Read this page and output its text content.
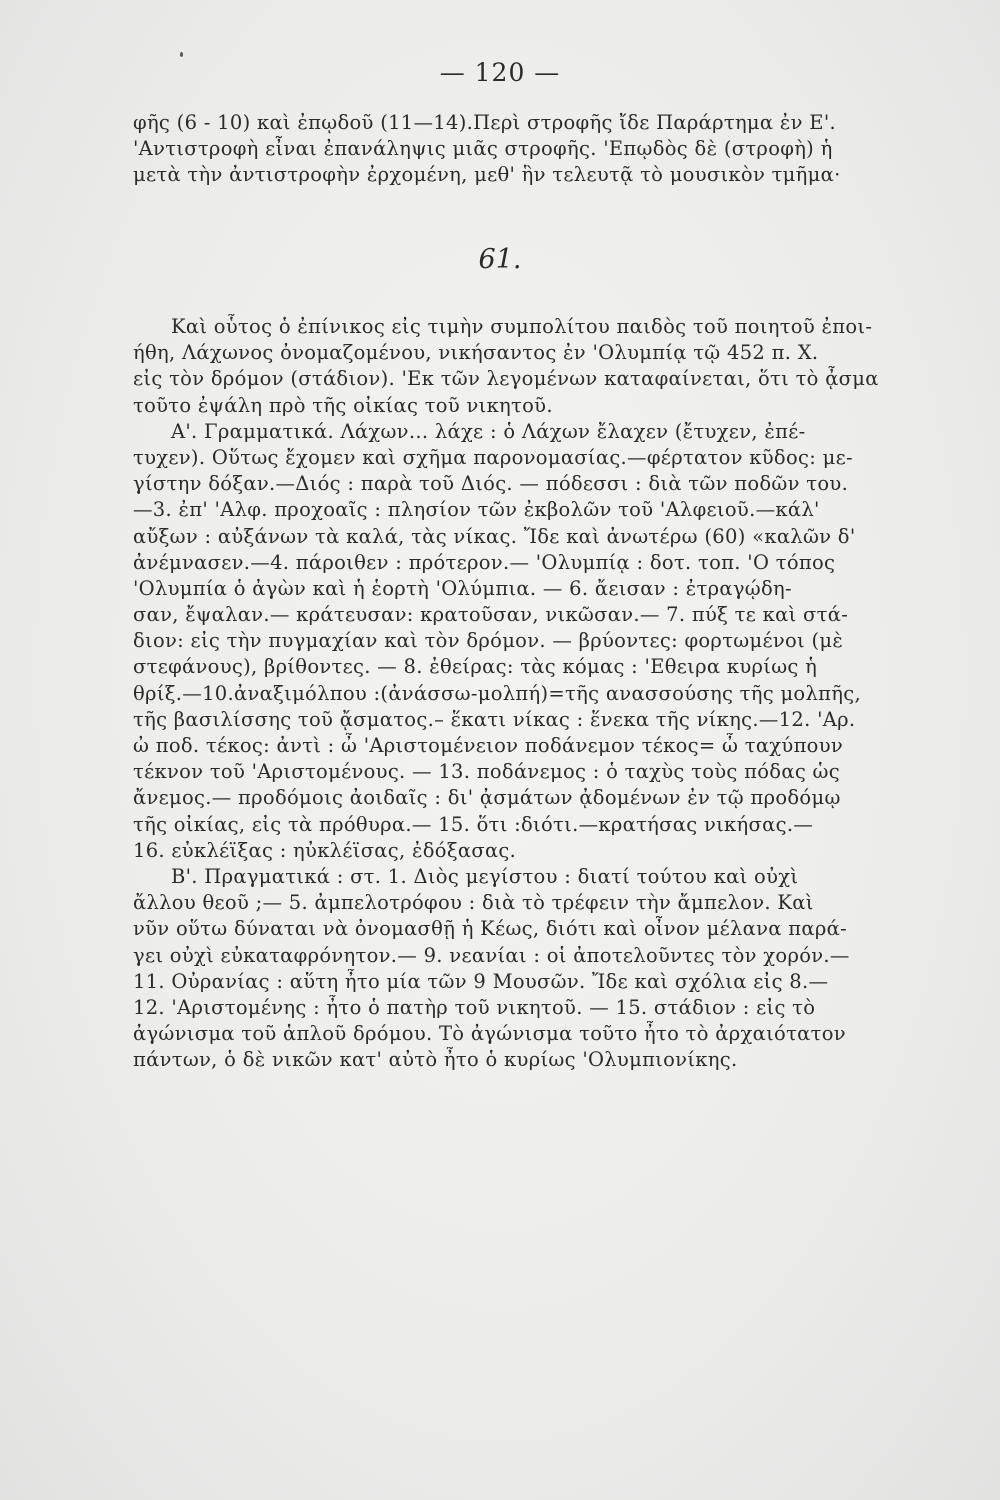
— 120 —
φῆς (6 - 10) καὶ ἐπῳδοῦ (11—14).Περὶ στροφῆς ἴδε Παράρτημα ἐν Ε'.
'Αντιστροφὴ εἶναι ἐπανάληψις μιᾶς στροφῆς. 'Επῳδὸς δὲ (στροφὴ) ἡ
μετὰ τὴν ἀντιστροφὴν ἐρχομένη, μεθ' ἣν τελευτᾷ τὸ μουσικὸν τμῆμα·
61.
Καὶ οὗτος ὁ ἐπίνικος εἰς τιμὴν συμπολίτου παιδὸς τοῦ ποιητοῦ ἐποι-
ήθη, Λάχωνος ὀνομαζομένου, νικήσαντος ἐν 'Ολυμπίᾳ τῷ 452 π. Χ.
εἰς τὸν δρόμον (στάδιον). 'Εκ τῶν λεγομένων καταφαίνεται, ὅτι τὸ ᾆσμα
τοῦτο ἐψάλη πρὸ τῆς οἰκίας τοῦ νικητοῦ.
Α'. Γραμματικά. Λάχων... λάχε : ὁ Λάχων ἔλαχεν (ἔτυχεν, ἐπέ-
τυχεν). Οὕτως ἔχομεν καὶ σχῆμα παρονομασίας.—φέρτατον κῦδος: με-
γίστην δόξαν.—Διός : παρὰ τοῦ Διός. — πόδεσσι : διὰ τῶν ποδῶν του.
—3. ἐπ' 'Αλφ. προχοαῖς : πλησίον τῶν ἐκβολῶν τοῦ 'Αλφειοῦ.—κάλ'
αὔξων : αὐξάνων τὰ καλά, τὰς νίκας. Ἴδε καὶ ἀνωτέρω (60) «καλῶν δ'
ἀνέμνασεν.—4. πάροιθεν : πρότερον.— 'Ολυμπίᾳ : δοτ. τοπ. 'Ο τόπος
'Ολυμπία ὁ ἀγὼν καὶ ἡ ἑορτὴ 'Ολύμπια. — 6. ἄεισαν : ἐτραγῴδη-
σαν, ἔψαλαν.— κράτευσαν: κρατοῦσαν, νικῶσαν.— 7. πύξ τε καὶ στά-
διον: εἰς τὴν πυγμαχίαν καὶ τὸν δρόμον. — βρύοντες: φορτωμένοι (μὲ
στεφάνους), βρίθοντες. — 8. ἐθείρας: τὰς κόμας : 'Εθειρα κυρίως ἡ
θρίξ.—10.ἀναξιμόλπου :(ἀνάσσω-μολπή)=τῆς ανασσούσης τῆς μολπῆς,
τῆς βασιλίσσης τοῦ ᾄσματος.– ἕκατι νίκας : ἕνεκα τῆς νίκης.—12. 'Αρ.
ὠ ποδ. τέκος: ἀντὶ : ὦ 'Αριστομένειον ποδάνεμον τέκος= ὦ ταχύπουν
τέκνον τοῦ 'Αριστομένους. — 13. ποδάνεμος : ὁ ταχὺς τοὺς πόδας ὡς
ἄνεμος.— προδόμοις ἀοιδαῖς : δι' ᾀσμάτων ᾀδομένων ἐν τῷ προδόμῳ
τῆς οἰκίας, εἰς τὰ πρόθυρα.— 15. ὅτι :διότι.—κρατήσας νικήσας.—
16. εὐκλέϊξας : ηὐκλέϊσας, ἐδόξασας.
Β'. Πραγματικά : στ. 1. Διὸς μεγίστου : διατί τούτου καὶ οὐχὶ
ἄλλου θεοῦ ;— 5. ἀμπελοτρόφου : διὰ τὸ τρέφειν τὴν ἄμπελον. Καὶ
νῦν οὕτω δύναται νὰ ὀνομασθῇ ἡ Κέως, διότι καὶ οἶνον μέλανα παρά-
γει οὐχὶ εὐκαταφρόνητον.— 9. νεανίαι : οἱ ἀποτελοῦντες τὸν χορόν.—
11. Οὐρανίας : αὕτη ἦτο μία τῶν 9 Μουσῶν. Ἴδε καὶ σχόλια εἰς 8.—
12. 'Αριστομένης : ἦτο ὁ πατὴρ τοῦ νικητοῦ. — 15. στάδιον : εἰς τὸ
ἀγώνισμα τοῦ ἁπλοῦ δρόμου. Τὸ ἀγώνισμα τοῦτο ἦτο τὸ ἀρχαιότατον
πάντων, ὁ δὲ νικῶν κατ' αὐτὸ ἦτο ὁ κυρίως 'Ολυμπιονίκης.
